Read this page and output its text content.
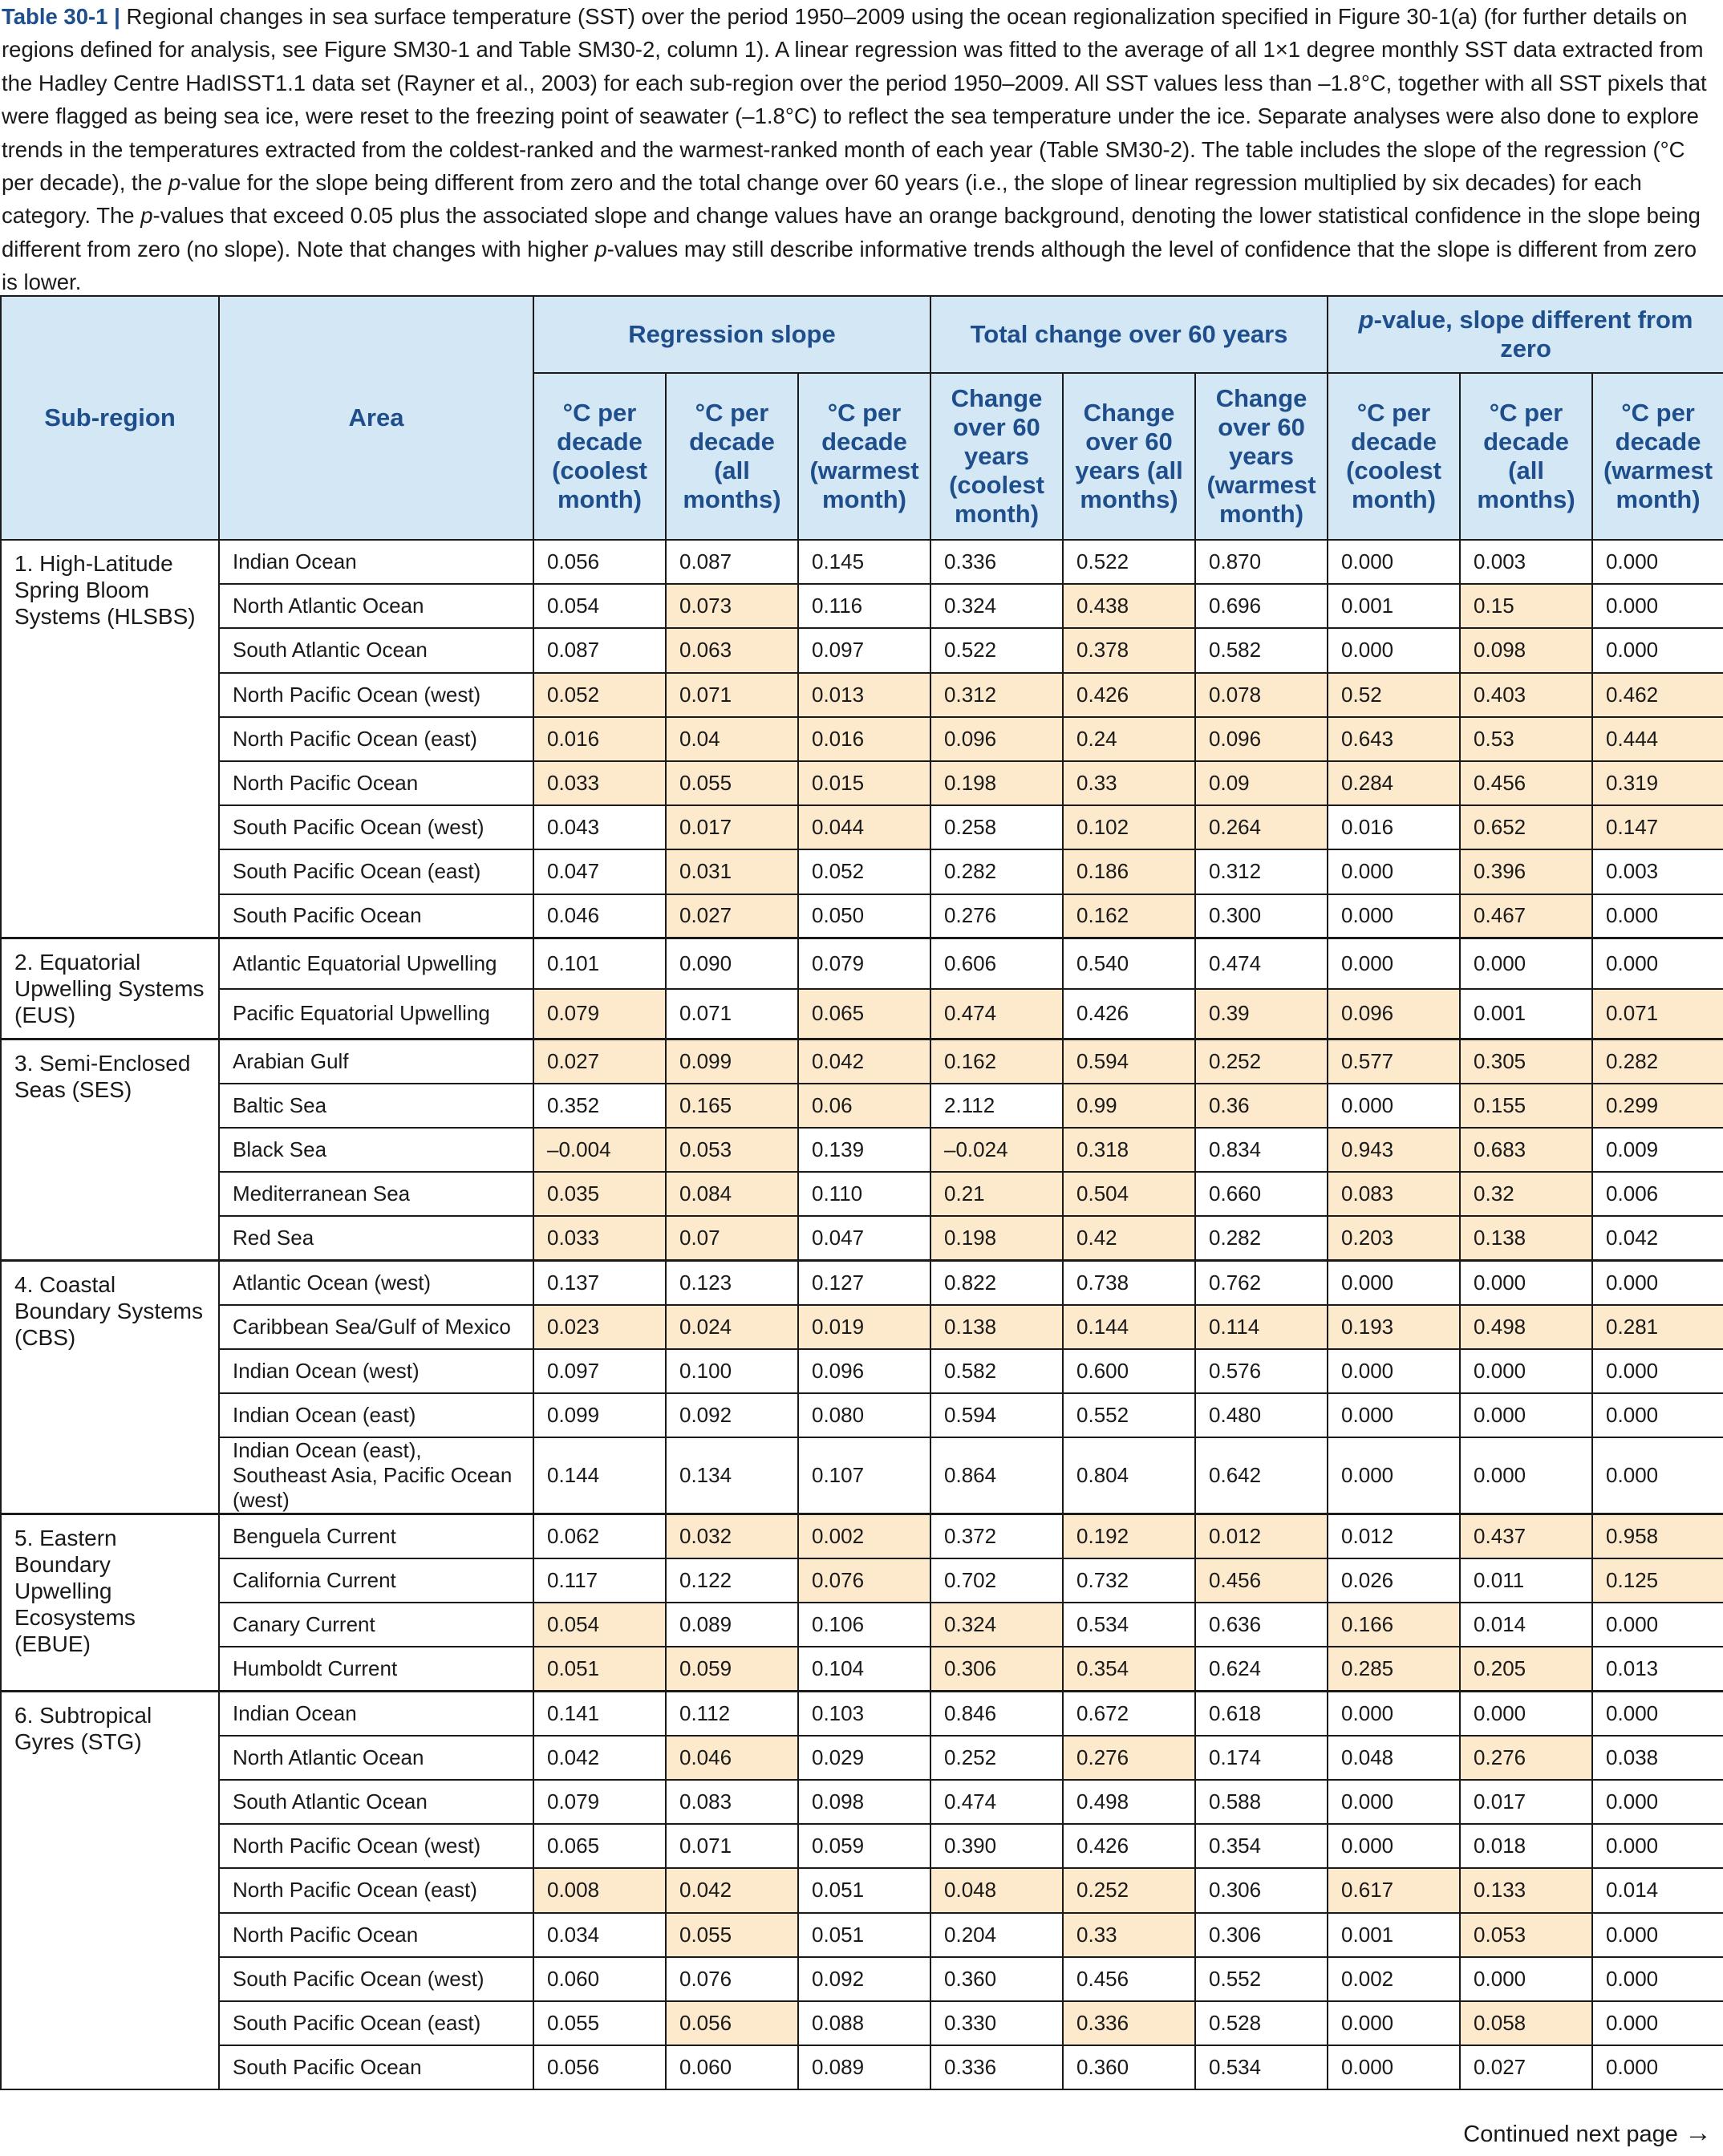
Table 30-1 | Regional changes in sea surface temperature (SST) over the period 1950–2009 using the ocean regionalization specified in Figure 30-1(a) (for further details on regions defined for analysis, see Figure SM30-1 and Table SM30-2, column 1). A linear regression was fitted to the average of all 1×1 degree monthly SST data extracted from the Hadley Centre HadISST1.1 data set (Rayner et al., 2003) for each sub-region over the period 1950–2009. All SST values less than –1.8°C, together with all SST pixels that were flagged as being sea ice, were reset to the freezing point of seawater (–1.8°C) to reflect the sea temperature under the ice. Separate analyses were also done to explore trends in the temperatures extracted from the coldest-ranked and the warmest-ranked month of each year (Table SM30-2). The table includes the slope of the regression (°C per decade), the p-value for the slope being different from zero and the total change over 60 years (i.e., the slope of linear regression multiplied by six decades) for each category. The p-values that exceed 0.05 plus the associated slope and change values have an orange background, denoting the lower statistical confidence in the slope being different from zero (no slope). Note that changes with higher p-values may still describe informative trends although the level of confidence that the slope is different from zero is lower.
Sub-region	Area	Regression slope			Total change over 60 years			p-value, slope different from zero		
		°C per decade (coolest month)	°C per decade (all months)	°C per decade (warmest month)	Change over 60 years (coolest month)	Change over 60 years (all months)	Change over 60 years (warmest month)	°C per decade (coolest month)	°C per decade (all months)	°C per decade (warmest month)
1. High-Latitude Spring Bloom Systems (HLSBS)	Indian Ocean	0.056	0.087	0.145	0.336	0.522	0.870	0.000	0.003	0.000
	North Atlantic Ocean	0.054	0.073	0.116	0.324	0.438	0.696	0.001	0.15	0.000
	South Atlantic Ocean	0.087	0.063	0.097	0.522	0.378	0.582	0.000	0.098	0.000
	North Pacific Ocean (west)	0.052	0.071	0.013	0.312	0.426	0.078	0.52	0.403	0.462
	North Pacific Ocean (east)	0.016	0.04	0.016	0.096	0.24	0.096	0.643	0.53	0.444
	North Pacific Ocean	0.033	0.055	0.015	0.198	0.33	0.09	0.284	0.456	0.319
	South Pacific Ocean (west)	0.043	0.017	0.044	0.258	0.102	0.264	0.016	0.652	0.147
	South Pacific Ocean (east)	0.047	0.031	0.052	0.282	0.186	0.312	0.000	0.396	0.003
	South Pacific Ocean	0.046	0.027	0.050	0.276	0.162	0.300	0.000	0.467	0.000
2. Equatorial Upwelling Systems (EUS)	Atlantic Equatorial Upwelling	0.101	0.090	0.079	0.606	0.540	0.474	0.000	0.000	0.000
	Pacific Equatorial Upwelling	0.079	0.071	0.065	0.474	0.426	0.39	0.096	0.001	0.071
3. Semi-Enclosed Seas (SES)	Arabian Gulf	0.027	0.099	0.042	0.162	0.594	0.252	0.577	0.305	0.282
	Baltic Sea	0.352	0.165	0.06	2.112	0.99	0.36	0.000	0.155	0.299
	Black Sea	–0.004	0.053	0.139	–0.024	0.318	0.834	0.943	0.683	0.009
	Mediterranean Sea	0.035	0.084	0.110	0.21	0.504	0.660	0.083	0.32	0.006
	Red Sea	0.033	0.07	0.047	0.198	0.42	0.282	0.203	0.138	0.042
4. Coastal Boundary Systems (CBS)	Atlantic Ocean (west)	0.137	0.123	0.127	0.822	0.738	0.762	0.000	0.000	0.000
	Caribbean Sea/Gulf of Mexico	0.023	0.024	0.019	0.138	0.144	0.114	0.193	0.498	0.281
	Indian Ocean (west)	0.097	0.100	0.096	0.582	0.600	0.576	0.000	0.000	0.000
	Indian Ocean (east)	0.099	0.092	0.080	0.594	0.552	0.480	0.000	0.000	0.000
	Indian Ocean (east), Southeast Asia, Pacific Ocean (west)	0.144	0.134	0.107	0.864	0.804	0.642	0.000	0.000	0.000
5. Eastern Boundary Upwelling Ecosystems (EBUE)	Benguela Current	0.062	0.032	0.002	0.372	0.192	0.012	0.012	0.437	0.958
	California Current	0.117	0.122	0.076	0.702	0.732	0.456	0.026	0.011	0.125
	Canary Current	0.054	0.089	0.106	0.324	0.534	0.636	0.166	0.014	0.000
	Humboldt Current	0.051	0.059	0.104	0.306	0.354	0.624	0.285	0.205	0.013
6. Subtropical Gyres (STG)	Indian Ocean	0.141	0.112	0.103	0.846	0.672	0.618	0.000	0.000	0.000
	North Atlantic Ocean	0.042	0.046	0.029	0.252	0.276	0.174	0.048	0.276	0.038
	South Atlantic Ocean	0.079	0.083	0.098	0.474	0.498	0.588	0.000	0.017	0.000
	North Pacific Ocean (west)	0.065	0.071	0.059	0.390	0.426	0.354	0.000	0.018	0.000
	North Pacific Ocean (east)	0.008	0.042	0.051	0.048	0.252	0.306	0.617	0.133	0.014
	North Pacific Ocean	0.034	0.055	0.051	0.204	0.33	0.306	0.001	0.053	0.000
	South Pacific Ocean (west)	0.060	0.076	0.092	0.360	0.456	0.552	0.002	0.000	0.000
	South Pacific Ocean (east)	0.055	0.056	0.088	0.330	0.336	0.528	0.000	0.058	0.000
	South Pacific Ocean	0.056	0.060	0.089	0.336	0.360	0.534	0.000	0.027	0.000
Continued next page →
